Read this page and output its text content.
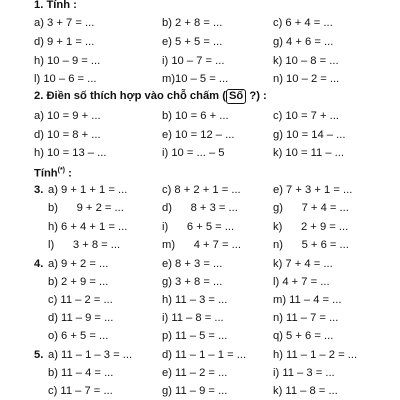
1. Tính :
a) 3 + 7 = ...	b) 2 + 8 = ...	c) 6 + 4 = ...
d) 9 + 1 = ...	e) 5 + 5 = ...	g) 4 + 6 = ...
h) 10 – 9 = ...	i) 10 – 7 = ...	k) 10 – 8 = ...
l) 10 – 6 = ...	m)10 – 5 = ...	n) 10 – 2 = ...
2. Điền số thích hợp vào chỗ chấm ( Số ?) :
a) 10 = 9 + ...	b) 10 = 6 + ...	c) 10 = 7 + ...
d) 10 = 8 + ...	e) 10 = 12 – ...	g) 10 = 14 – ...
h) 10 = 13 – ...	i) 10 = ... – 5	k) 10 = 11 – ...
Tính(*) :
3. a) 9 + 1 + 1 = ...	c) 8 + 2 + 1 = ...	e) 7 + 3 + 1 = ...
b)      9 + 2 = ...	d)      8 + 3 = ...	g)      7 + 4 = ...
h) 6 + 4 + 1 = ...	i)      6 + 5 = ...	k)      2 + 9 = ...
l)      3 + 8 = ...	m)      4 + 7 = ...	n)      5 + 6 = ...
4. a) 9 + 2 = ...	e) 8 + 3 = ...	k) 7 + 4 = ...
b) 2 + 9 = ...	g) 3 + 8 = ...	l) 4 + 7 = ...
c) 11 – 2 = ...	h) 11 – 3 = ...	m) 11 – 4 = ...
d) 11 – 9 = ...	i) 11 – 8 = ...	n) 11 – 7 = ...
o) 6 + 5 = ...	p) 11 – 5 = ...	q) 5 + 6 = ...
5. a) 11 – 1 – 3 = ...	d) 11 – 1 – 1 = ... h) 11 – 1 – 2 = ...
b) 11 – 4 = ...	e) 11 – 2 = ...	i) 11 – 3 = ...
c) 11 – 7 = ...	g) 11 – 9 = ...	k) 11 – 8 = ...
